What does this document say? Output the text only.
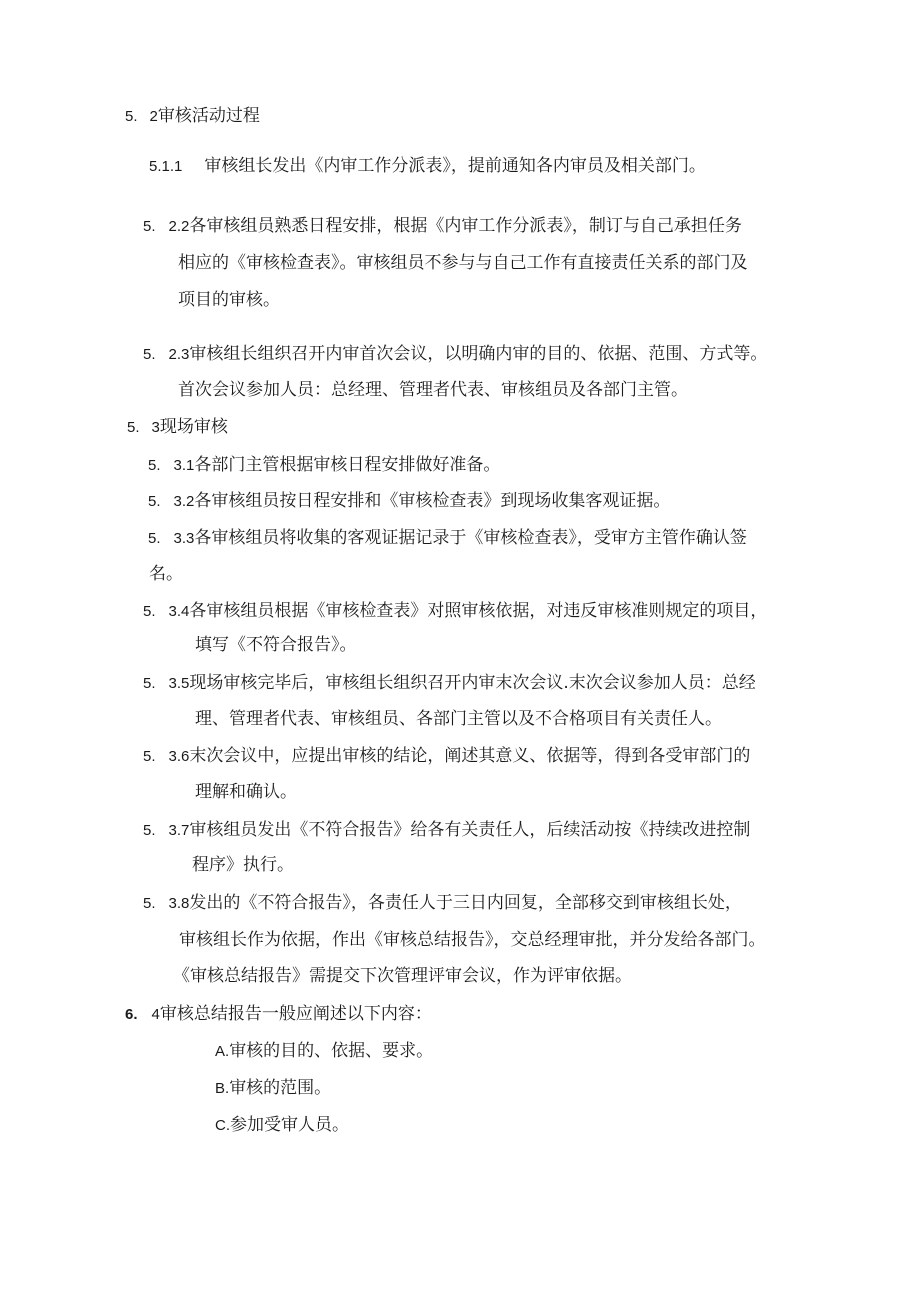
5. 2审核活动过程
5.1.1 审核组长发出《内审工作分派表》，提前通知各内审员及相关部门。
5. 2.2各审核组员熟悉日程安排，根据《内审工作分派表》，制订与自己承担任务
相应的《审核检查表》。审核组员不参与与自己工作有直接责任关系的部门及
项目的审核。
5. 2.3审核组长组织召开内审首次会议，以明确内审的目的、依据、范围、方式等。
首次会议参加人员：总经理、管理者代表、审核组员及各部门主管。
5. 3现场审核
5. 3.1各部门主管根据审核日程安排做好准备。
5. 3.2各审核组员按日程安排和《审核检查表》到现场收集客观证据。
5. 3.3各审核组员将收集的客观证据记录于《审核检查表》，受审方主管作确认签
名。
5. 3.4各审核组员根据《审核检查表》对照审核依据，对违反审核准则规定的项目，
填写《不符合报告》。
5. 3.5现场审核完毕后，审核组长组织召开内审末次会议.末次会议参加人员：总经
理、管理者代表、审核组员、各部门主管以及不合格项目有关责任人。
5. 3.6末次会议中，应提出审核的结论，阐述其意义、依据等，得到各受审部门的
理解和确认。
5. 3.7审核组员发出《不符合报告》给各有关责任人，后续活动按《持续改进控制
程序》执行。
5. 3.8发出的《不符合报告》，各责任人于三日内回复，全部移交到审核组长处，
审核组长作为依据，作出《审核总结报告》，交总经理审批，并分发给各部门。
《审核总结报告》需提交下次管理评审会议，作为评审依据。
6. 4审核总结报告一般应阐述以下内容：
A.审核的目的、依据、要求。
B.审核的范围。
C.参加受审人员。
